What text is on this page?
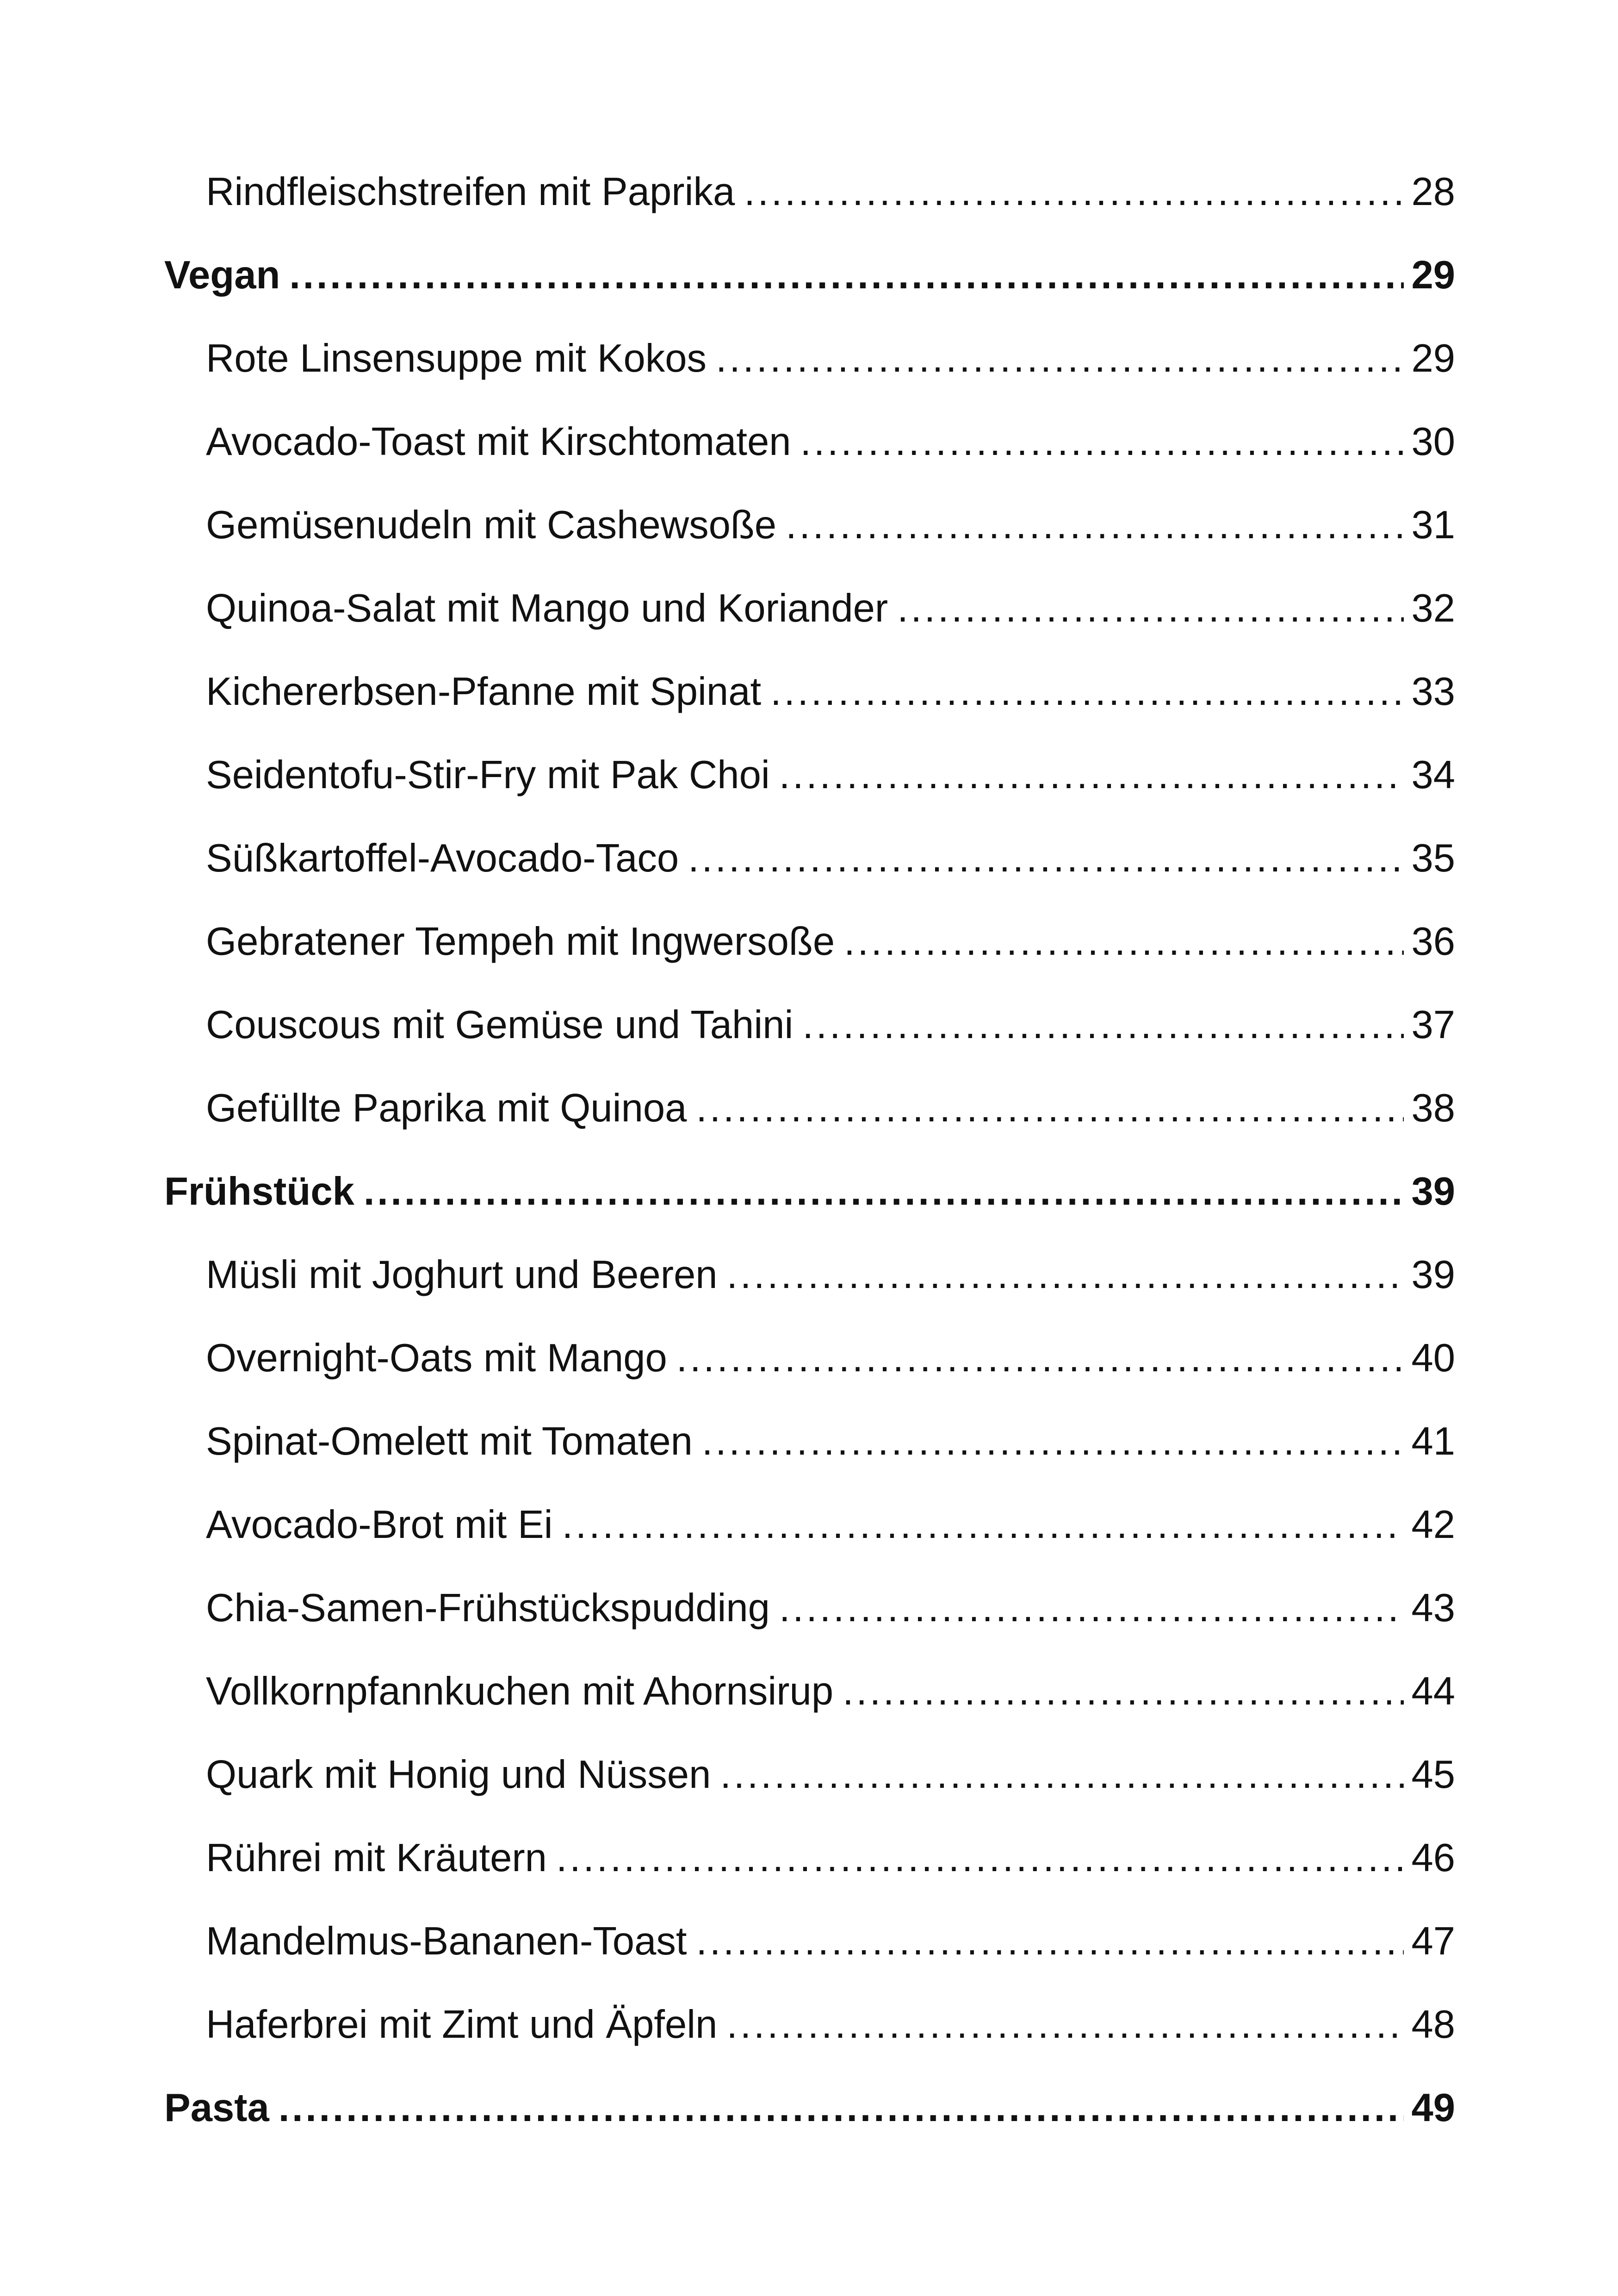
Rindfleischstreifen mit Paprika . . .	28
Vegan . . .	29
Rote Linsensuppe mit Kokos . . .	29
Avocado-Toast mit Kirschtomaten . . .	30
Gemüsenudeln mit Cashewsoße . . .	31
Quinoa-Salat mit Mango und Koriander . . .	32
Kichererbsen-Pfanne mit Spinat . . .	33
Seidentofu-Stir-Fry mit Pak Choi . . .	34
Süßkartoffel-Avocado-Taco . . .	35
Gebratener Tempeh mit Ingwersoße . . .	36
Couscous mit Gemüse und Tahini . . .	37
Gefüllte Paprika mit Quinoa . . .	38
Frühstück . . .	39
Müsli mit Joghurt und Beeren . . .	39
Overnight-Oats mit Mango . . .	40
Spinat-Omelett mit Tomaten . . .	41
Avocado-Brot mit Ei . . .	42
Chia-Samen-Frühstückspudding . . .	43
Vollkornpfannkuchen mit Ahornsirup . . .	44
Quark mit Honig und Nüssen . . .	45
Rührei mit Kräutern . . .	46
Mandelmus-Bananen-Toast . . .	47
Haferbrei mit Zimt und Äpfeln . . .	48
Pasta . . .	49
